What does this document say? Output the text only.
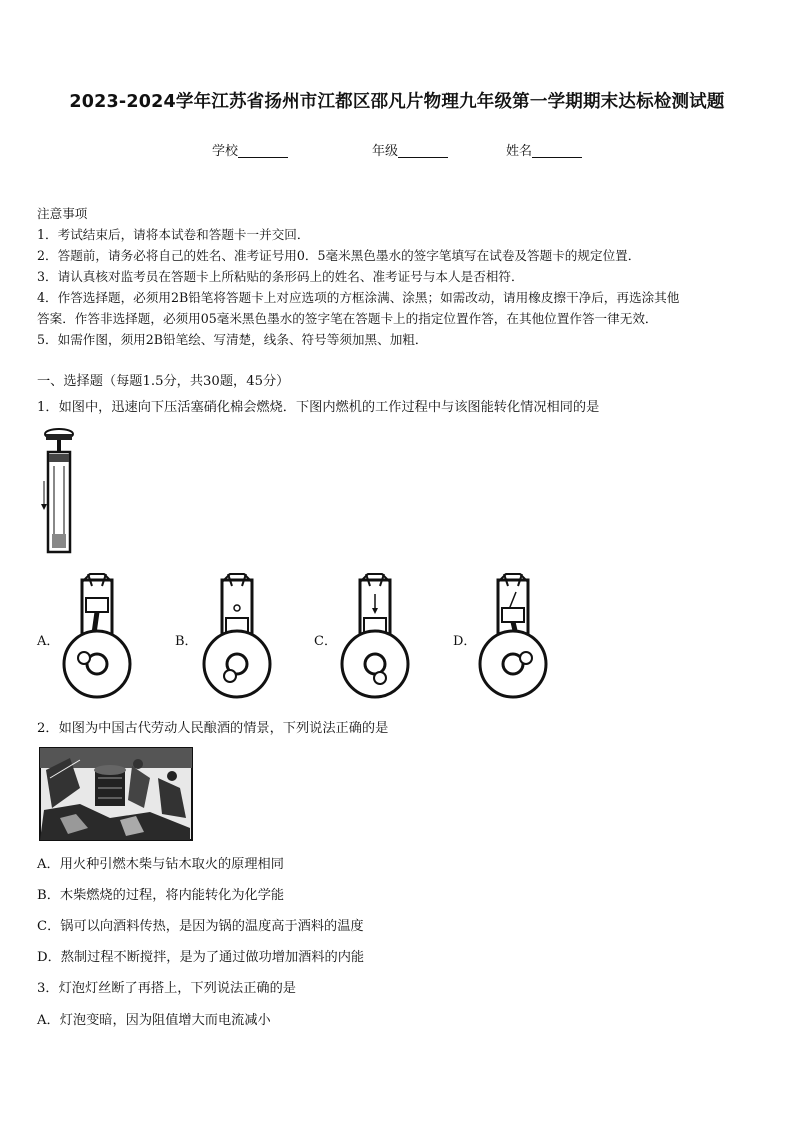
2023-2024学年江苏省扬州市江都区邵凡片物理九年级第一学期期末达标检测试题
学校	年级	姓名
注意事项
1．考试结束后，请将本试卷和答题卡一并交回．
2．答题前，请务必将自己的姓名、准考证号用0．5毫米黑色墨水的签字笔填写在试卷及答题卡的规定位置．
3．请认真核对监考员在答题卡上所粘贴的条形码上的姓名、准考证号与本人是否相符．
4．作答选择题，必须用2B铅笔将答题卡上对应选项的方框涂满、涂黑；如需改动，请用橡皮擦干净后，再选涂其他
答案．作答非选择题，必须用05毫米黑色墨水的签字笔在答题卡上的指定位置作答，在其他位置作答一律无效．
5．如需作图，须用2B铅笔绘、写清楚，线条、符号等须加黑、加粗．
一、选择题（每题1.5分，共30题，45分）
1．如图中，迅速向下压活塞硝化棉会燃烧．下图内燃机的工作过程中与该图能转化情况相同的是
A．	B．	C．	D．
2．如图为中国古代劳动人民酿酒的情景，下列说法正确的是
A．用火种引燃木柴与钻木取火的原理相同
B．木柴燃烧的过程，将内能转化为化学能
C．锅可以向酒料传热，是因为锅的温度高于酒料的温度
D．熬制过程不断搅拌，是为了通过做功增加酒料的内能
3．灯泡灯丝断了再搭上，下列说法正确的是
A．灯泡变暗，因为阻值增大而电流减小
